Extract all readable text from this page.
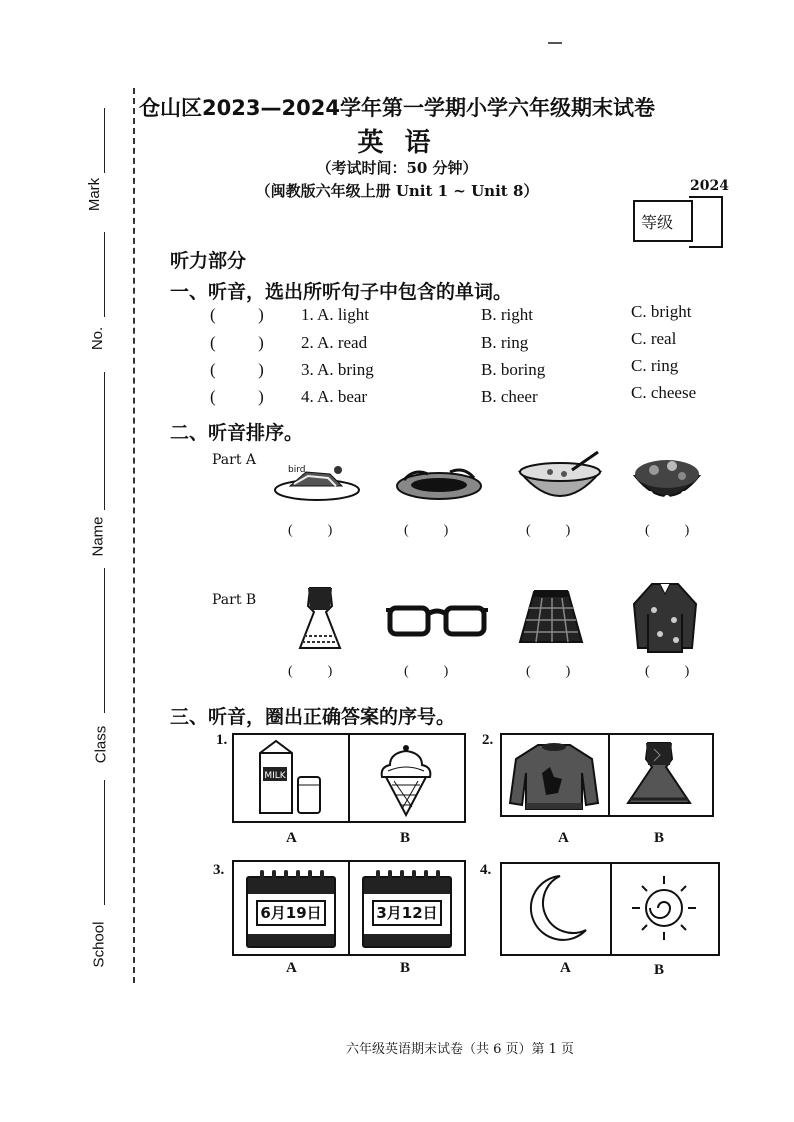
Mark
No.
Name
Class
School
仓山区2023—2024学年第一学期小学六年级期末试卷
英 语
（考试时间：50 分钟）
（闽教版六年级上册 Unit 1 ~ Unit 8）	2024
等级
听力部分
一、听音，选出所听句子中包含的单词。
(          ) 1. A. light	B. right	C. bright
(          ) 2. A. read	B. ring	C. real
(          ) 3. A. bring	B. boring	C. ring
(          ) 4. A. bear	B. cheer	C. cheese
二、听音排序。
Part A
bird
(          )	(          )	(          )	(          )
Part B
(          )	(          )	(          )	(          )
三、听音，圈出正确答案的序号。
1.
MILK
A	B
2.
A	B
3.
6月19日	3月12日
A	B
4.
A	B
六年级英语期末试卷（共 6 页）第 1 页
